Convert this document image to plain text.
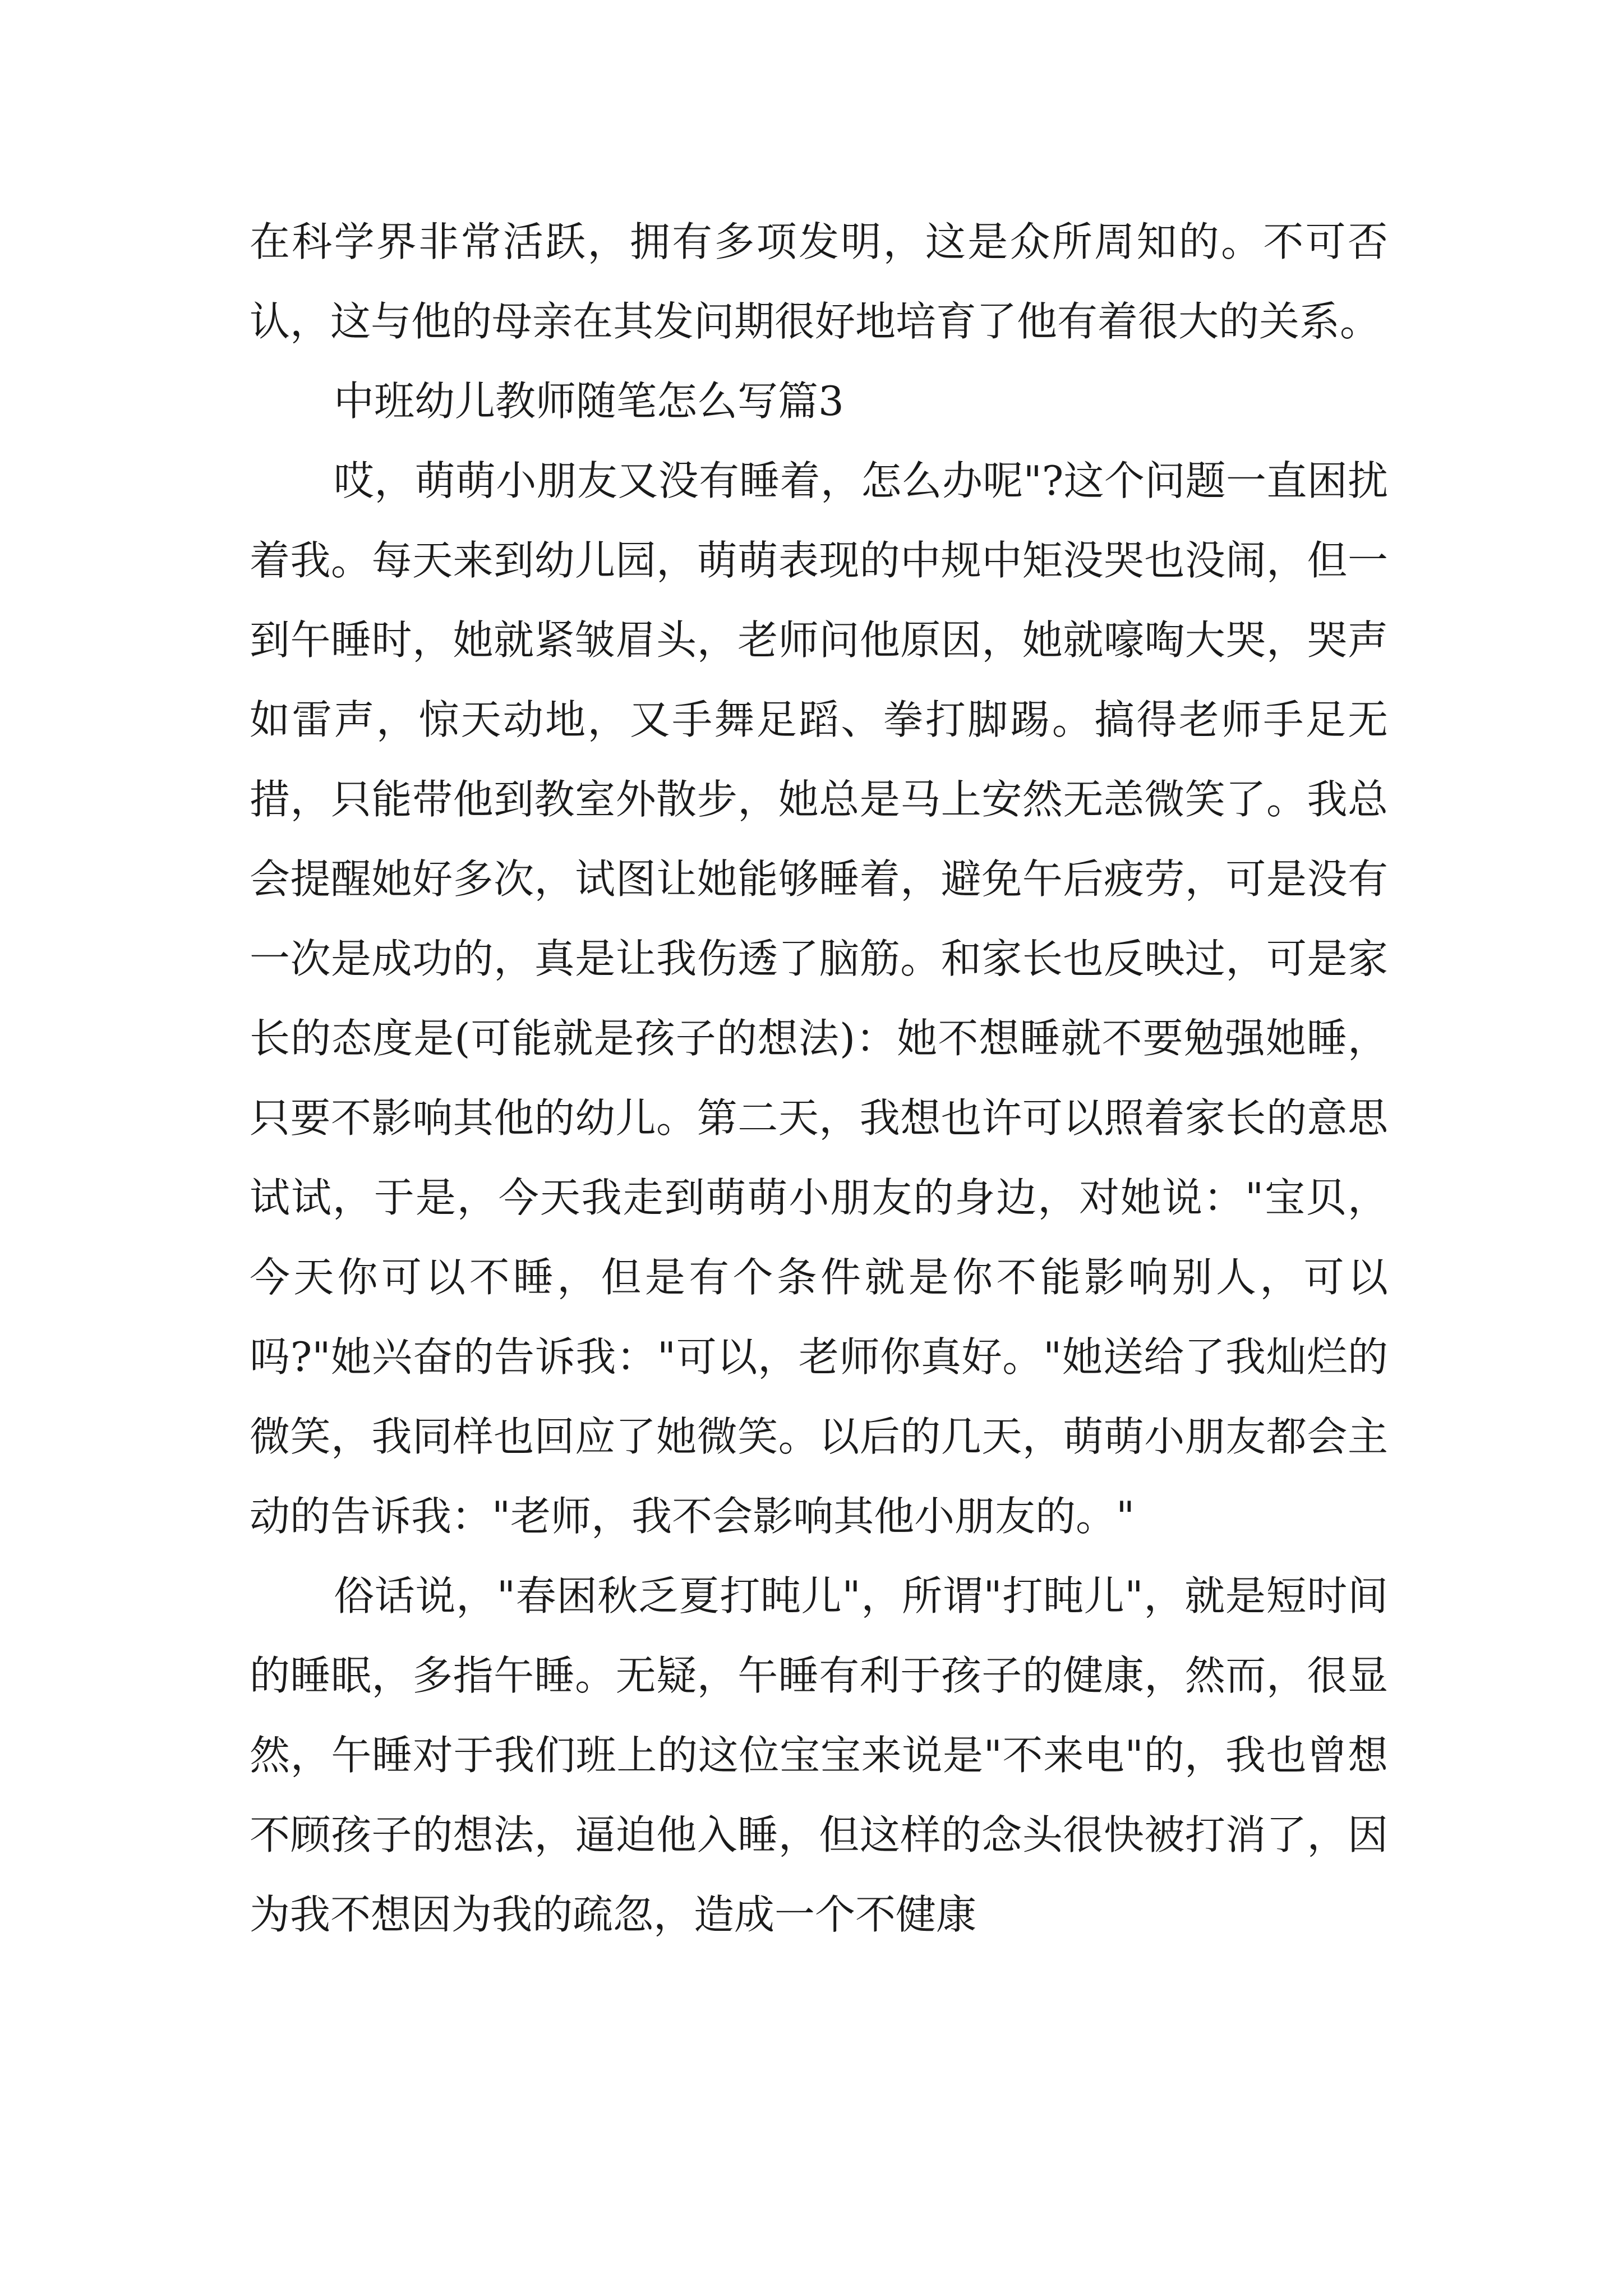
在科学界非常活跃，拥有多项发明，这是众所周知的。不可否认，这与他的母亲在其发问期很好地培育了他有着很大的关系。

中班幼儿教师随笔怎么写篇3

哎，萌萌小朋友又没有睡着，怎么办呢"?这个问题一直困扰着我。每天来到幼儿园，萌萌表现的中规中矩没哭也没闹，但一到午睡时，她就紧皱眉头，老师问他原因，她就嚎啕大哭，哭声如雷声，惊天动地，又手舞足蹈、拳打脚踢。搞得老师手足无措，只能带他到教室外散步，她总是马上安然无恙微笑了。我总会提醒她好多次，试图让她能够睡着，避免午后疲劳，可是没有一次是成功的，真是让我伤透了脑筋。和家长也反映过，可是家长的态度是(可能就是孩子的想法)：她不想睡就不要勉强她睡，只要不影响其他的幼儿。第二天，我想也许可以照着家长的意思试试，于是，今天我走到萌萌小朋友的身边，对她说："宝贝，今天你可以不睡，但是有个条件就是你不能影响别人，可以吗?"她兴奋的告诉我："可以，老师你真好。"她送给了我灿烂的微笑，我同样也回应了她微笑。以后的几天，萌萌小朋友都会主动的告诉我："老师，我不会影响其他小朋友的。"

俗话说，"春困秋乏夏打盹儿"，所谓"打盹儿"，就是短时间的睡眠，多指午睡。无疑，午睡有利于孩子的健康，然而，很显然，午睡对于我们班上的这位宝宝来说是"不来电"的，我也曾想不顾孩子的想法，逼迫他入睡，但这样的念头很快被打消了，因为我不想因为我的疏忽，造成一个不健康
